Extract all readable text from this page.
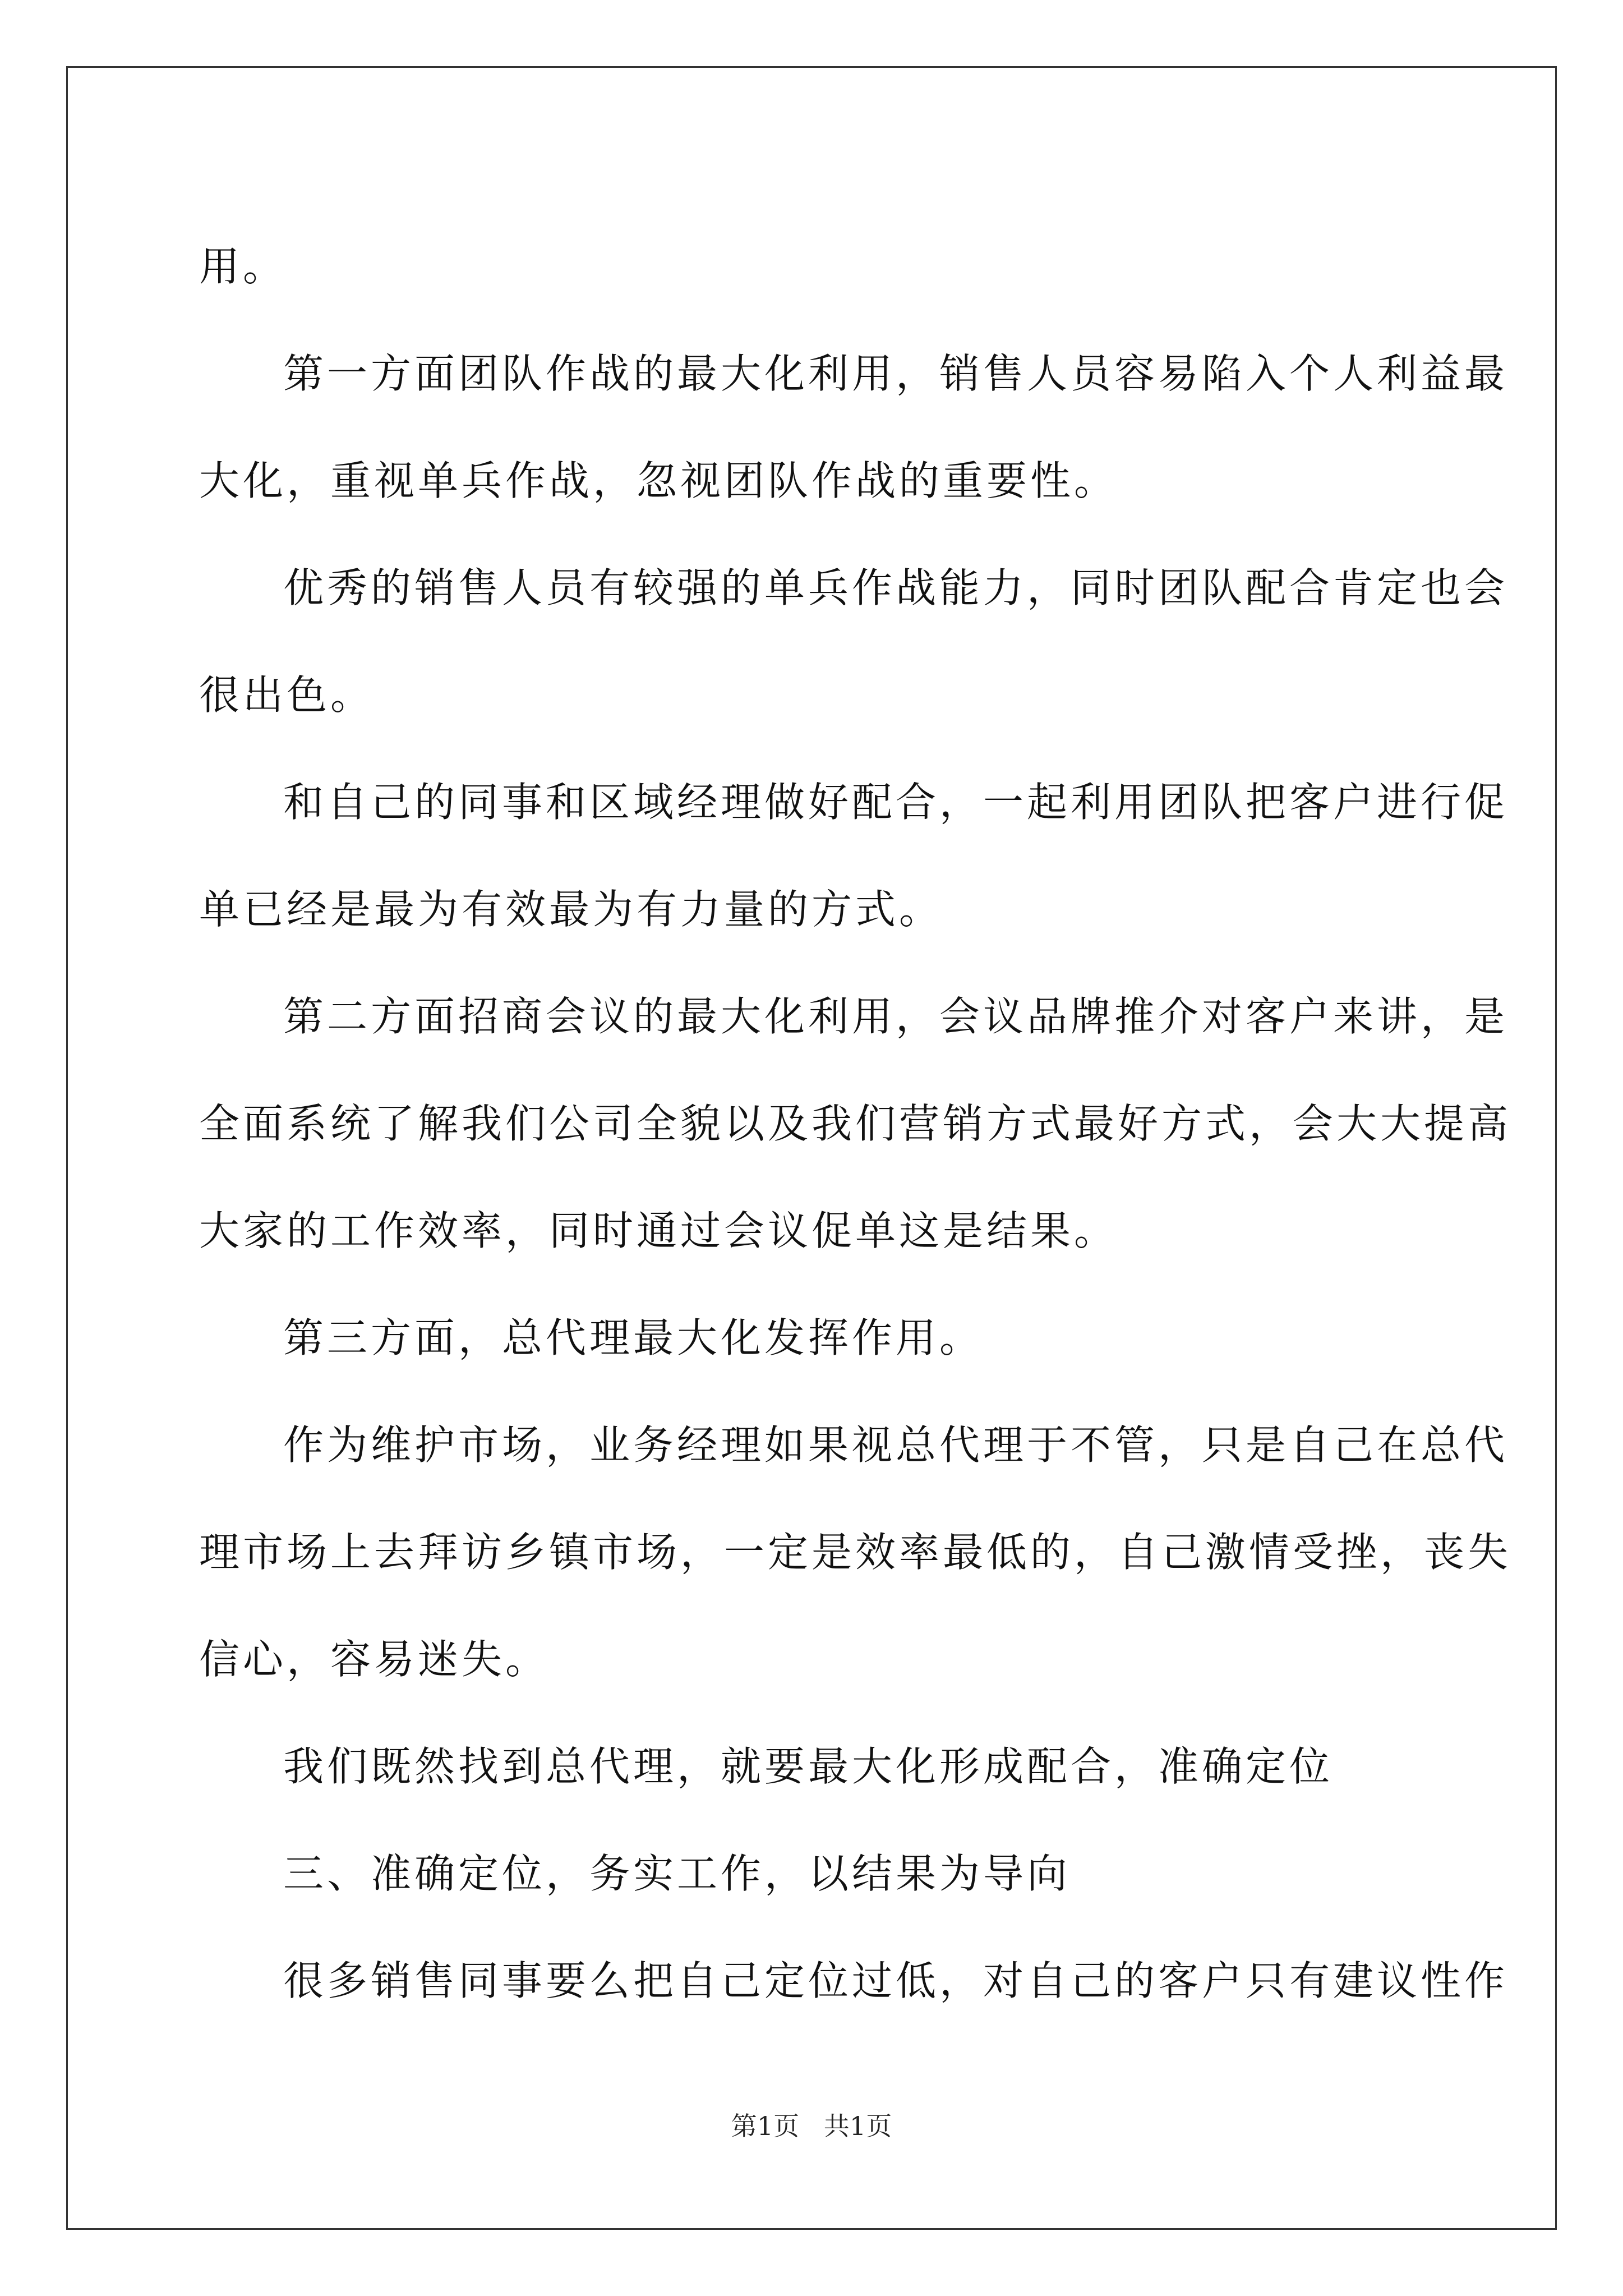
用。
第一方面团队作战的最大化利用，销售人员容易陷入个人利益最
大化，重视单兵作战，忽视团队作战的重要性。
优秀的销售人员有较强的单兵作战能力，同时团队配合肯定也会
很出色。
和自己的同事和区域经理做好配合，一起利用团队把客户进行促
单已经是最为有效最为有力量的方式。
第二方面招商会议的最大化利用，会议品牌推介对客户来讲，是
全面系统了解我们公司全貌以及我们营销方式最好方式，会大大提高
大家的工作效率，同时通过会议促单这是结果。
第三方面，总代理最大化发挥作用。
作为维护市场，业务经理如果视总代理于不管，只是自己在总代
理市场上去拜访乡镇市场，一定是效率最低的，自己激情受挫，丧失
信心，容易迷失。
我们既然找到总代理，就要最大化形成配合，准确定位
三、准确定位，务实工作，以结果为导向
很多销售同事要么把自己定位过低，对自己的客户只有建议性作
第1页   共1页
